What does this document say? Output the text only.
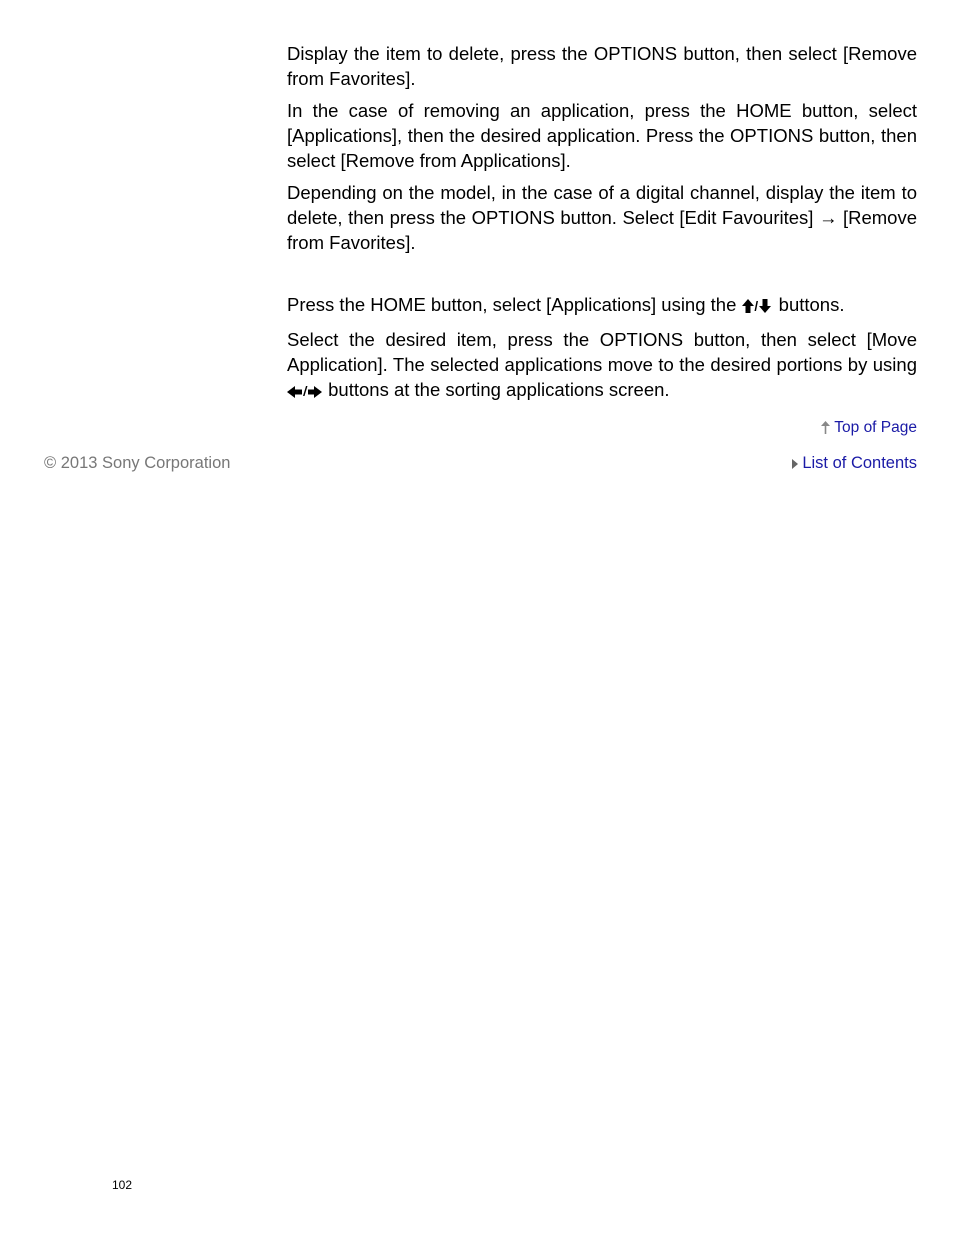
Display the item to delete, press the OPTIONS button, then select [Remove from Favorites].

In the case of removing an application, press the HOME button, select [Applications], then the desired application. Press the OPTIONS button, then select [Remove from Applications].

Depending on the model, in the case of a digital channel, display the item to delete, then press the OPTIONS button. Select [Edit Favourites] → [Remove from Favorites].

Press the HOME button, select [Applications] using the buttons.

Select the desired item, press the OPTIONS button, then select [Move Application]. The selected applications move to the desired portions by using  buttons at the sorting applications screen.

Top of Page
© 2013 Sony Corporation	List of Contents
102
